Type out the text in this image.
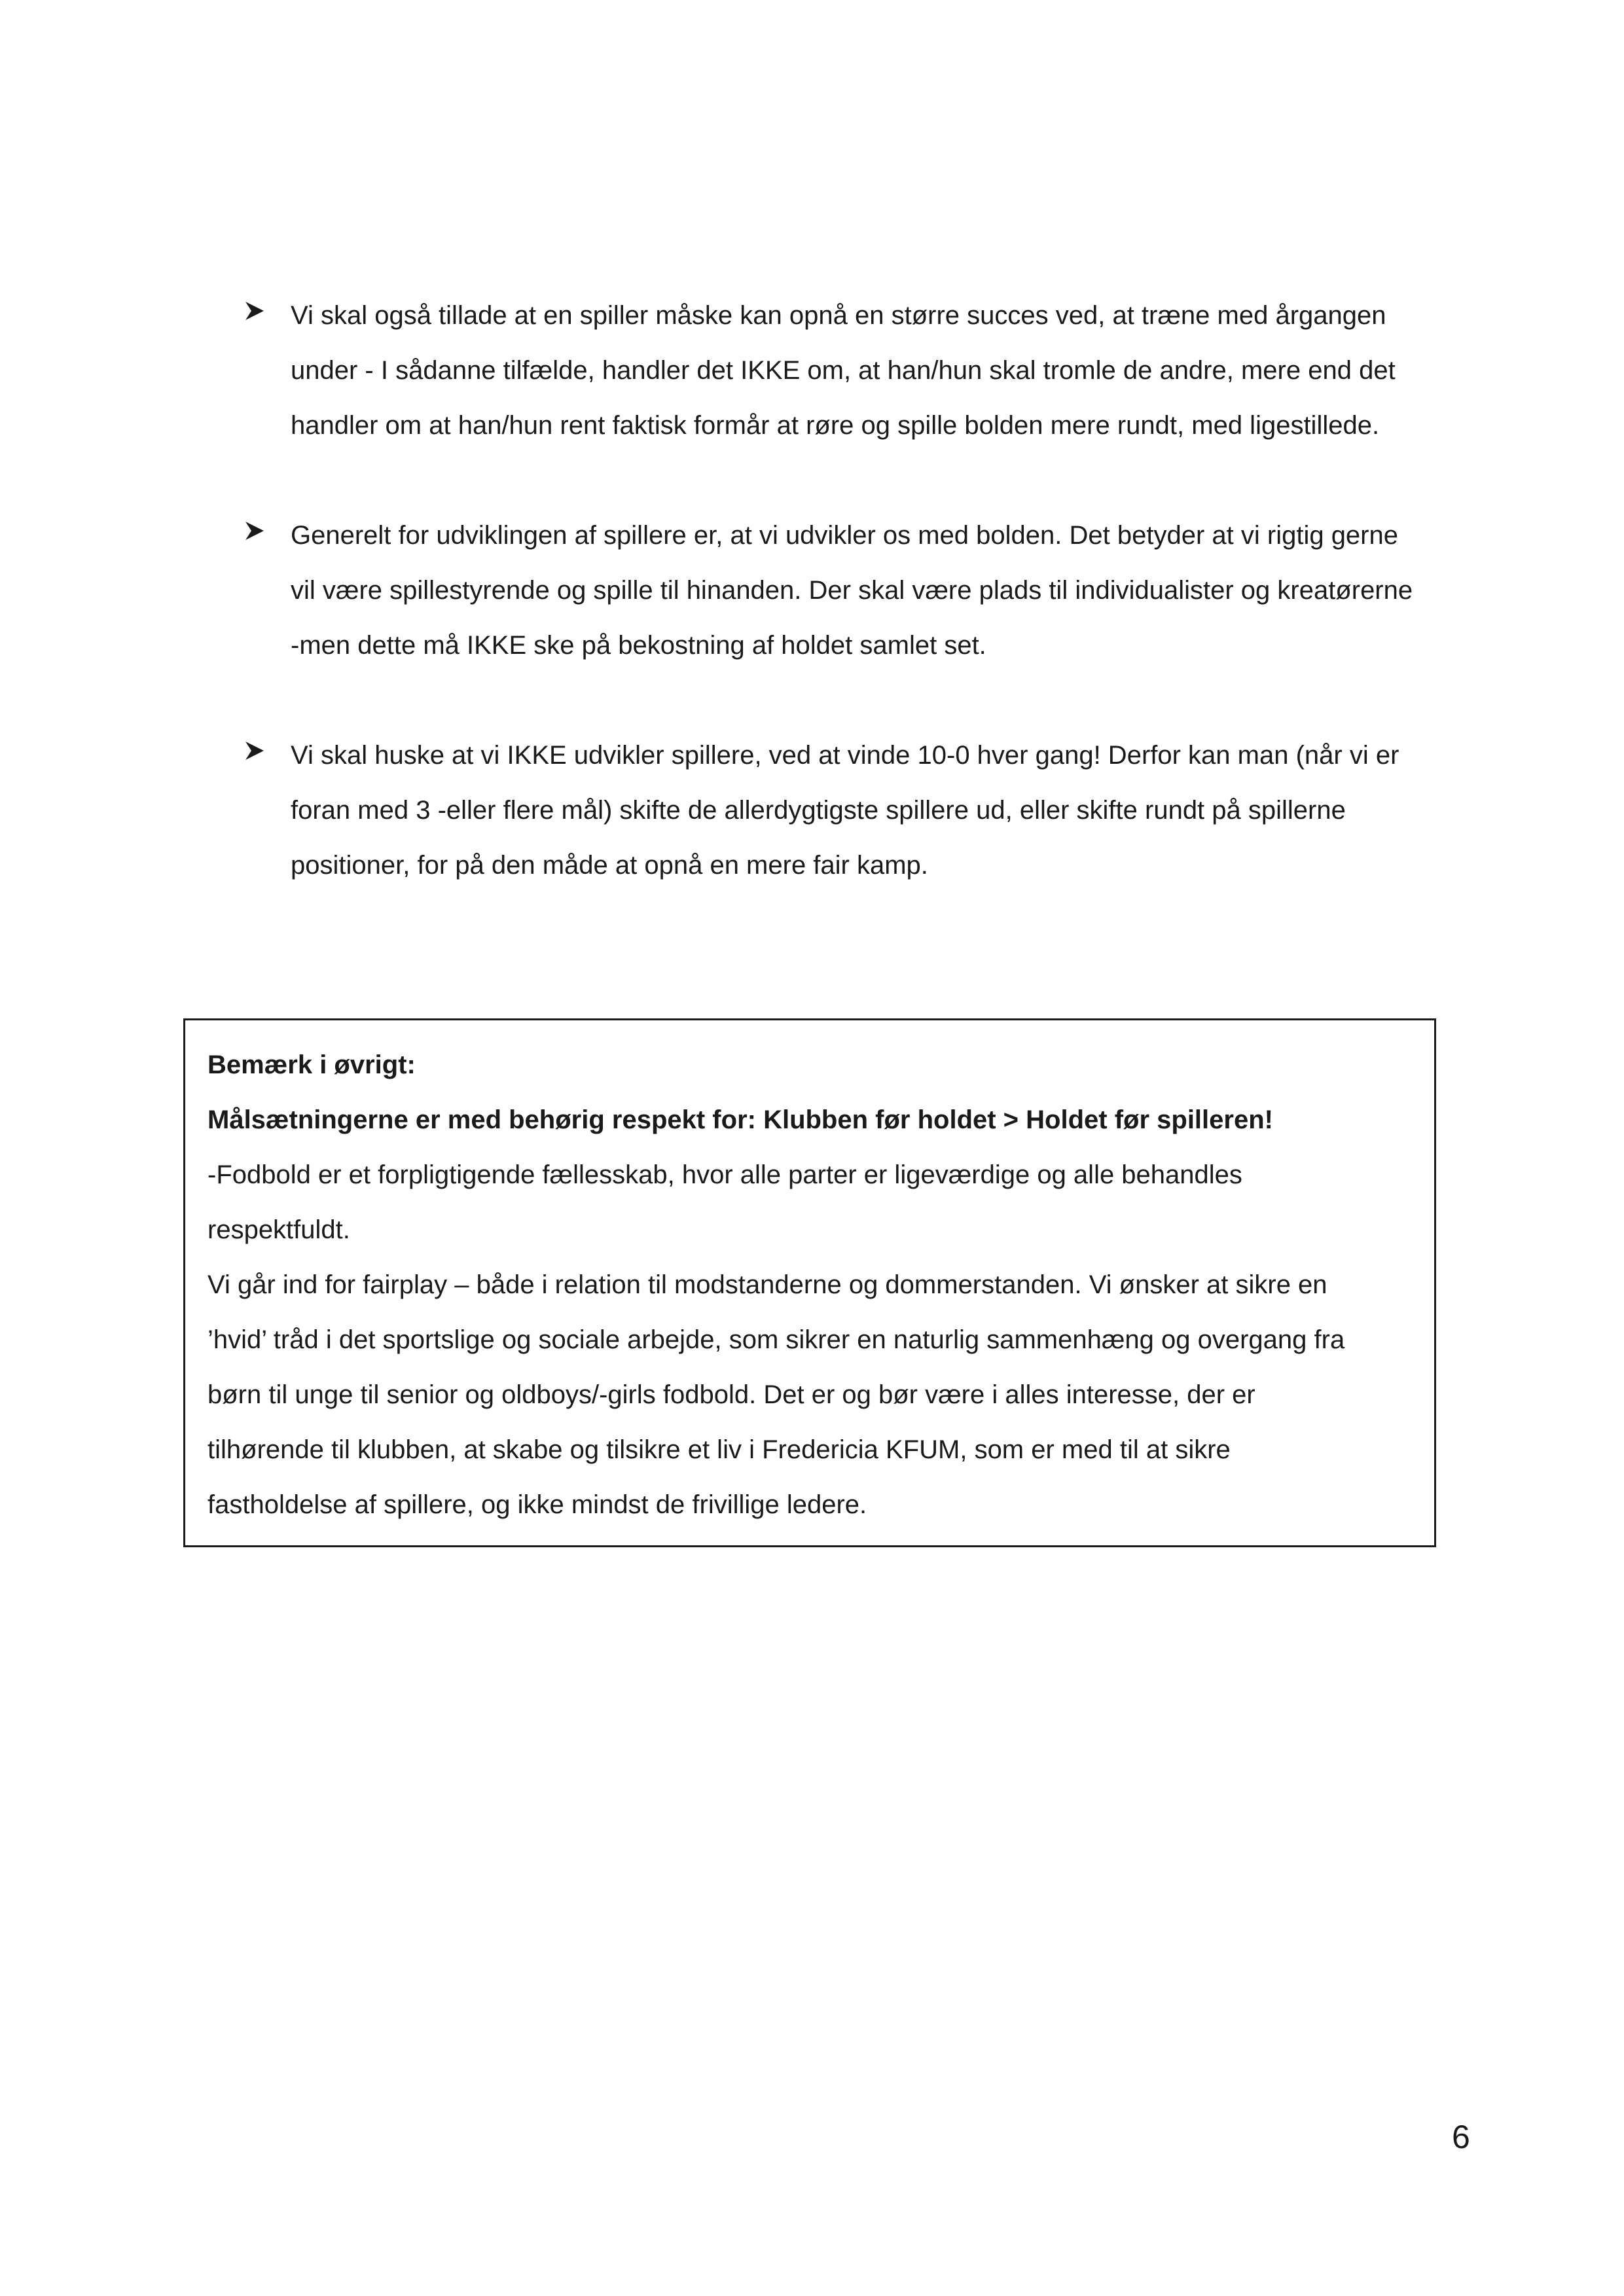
Vi skal også tillade at en spiller måske kan opnå en større succes ved, at træne med årgangen
under - I sådanne tilfælde, handler det IKKE om, at han/hun skal tromle de andre, mere end det
handler om at han/hun rent faktisk formår at røre og spille bolden mere rundt, med ligestillede.

Generelt for udviklingen af spillere er, at vi udvikler os med bolden. Det betyder at vi rigtig gerne
vil være spillestyrende og spille til hinanden. Der skal være plads til individualister og kreatørerne
-men dette må IKKE ske på bekostning af holdet samlet set.

Vi skal huske at vi IKKE udvikler spillere, ved at vinde 10-0 hver gang! Derfor kan man (når vi er
foran med 3 -eller flere mål) skifte de allerdygtigste spillere ud, eller skifte rundt på spillerne
positioner, for på den måde at opnå en mere fair kamp.

Bemærk i øvrigt:
Målsætningerne er med behørig respekt for: Klubben før holdet > Holdet før spilleren!
-Fodbold er et forpligtigende fællesskab, hvor alle parter er ligeværdige og alle behandles
respektfuldt.
Vi går ind for fairplay – både i relation til modstanderne og dommerstanden. Vi ønsker at sikre en
’hvid’ tråd i det sportslige og sociale arbejde, som sikrer en naturlig sammenhæng og overgang fra
børn til unge til senior og oldboys/-girls fodbold. Det er og bør være i alles interesse, der er
tilhørende til klubben, at skabe og tilsikre et liv i Fredericia KFUM, som er med til at sikre
fastholdelse af spillere, og ikke mindst de frivillige ledere.
6
